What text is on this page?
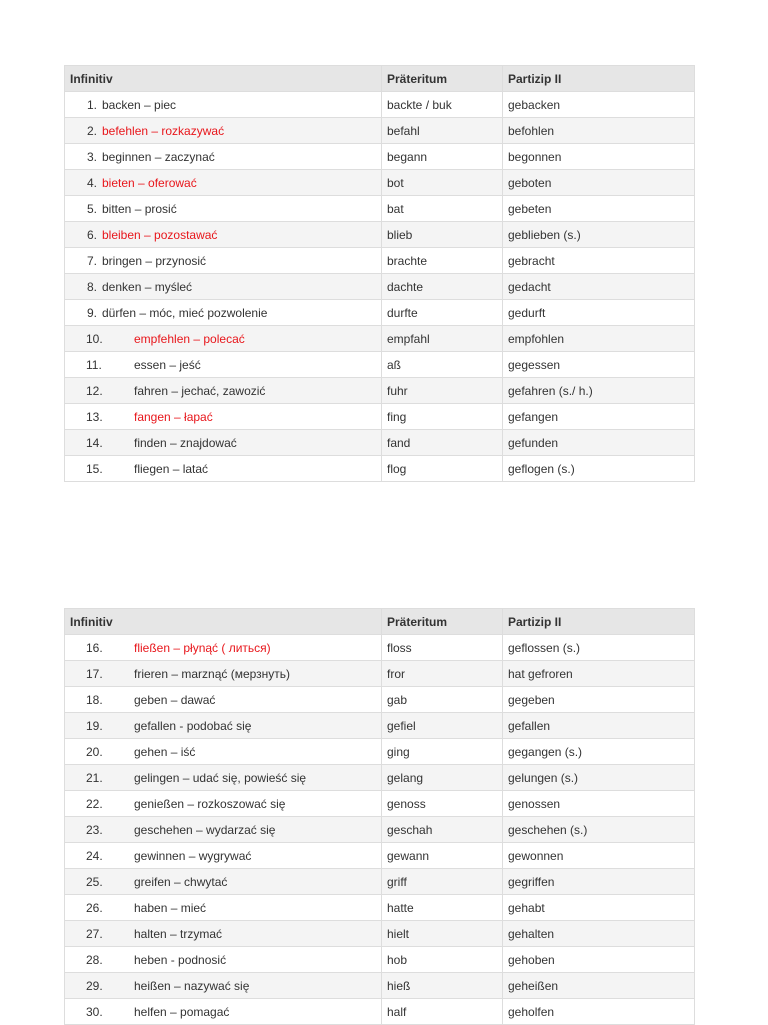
Infinitiv	Präteritum	Partizip II
1. backen – piec	backte / buk	gebacken
2. befehlen – rozkazywać	befahl	befohlen
3. beginnen – zaczynać	begann	begonnen
4. bieten – oferować	bot	geboten
5. bitten – prosić	bat	gebeten
6. bleiben – pozostawać	blieb	geblieben (s.)
7. bringen – przynosić	brachte	gebracht
8. denken – myśleć	dachte	gedacht
9. dürfen – móc, mieć pozwolenie	durfte	gedurft
10. empfehlen – polecać	empfahl	empfohlen
11. essen – jeść	aß	gegessen
12. fahren – jechać, zawozić	fuhr	gefahren (s./ h.)
13. fangen – łapać	fing	gefangen
14. finden – znajdować	fand	gefunden
15. fliegen – latać	flog	geflogen (s.)
Infinitiv	Präteritum	Partizip II
16. fließen – płynąć ( литься)	floss	geflossen (s.)
17. frieren – marznąć (мерзнуть)	fror	hat gefroren
18. geben – dawać	gab	gegeben
19. gefallen - podobać się	gefiel	gefallen
20. gehen – iść	ging	gegangen (s.)
21. gelingen – udać się, powieść się	gelang	gelungen (s.)
22. genießen – rozkoszować się	genoss	genossen
23. geschehen – wydarzać się	geschah	geschehen (s.)
24. gewinnen – wygrywać	gewann	gewonnen
25. greifen – chwytać	griff	gegriffen
26. haben – mieć	hatte	gehabt
27. halten – trzymać	hielt	gehalten
28. heben - podnosić	hob	gehoben
29. heißen – nazywać się	hieß	geheißen
30. helfen – pomagać	half	geholfen
